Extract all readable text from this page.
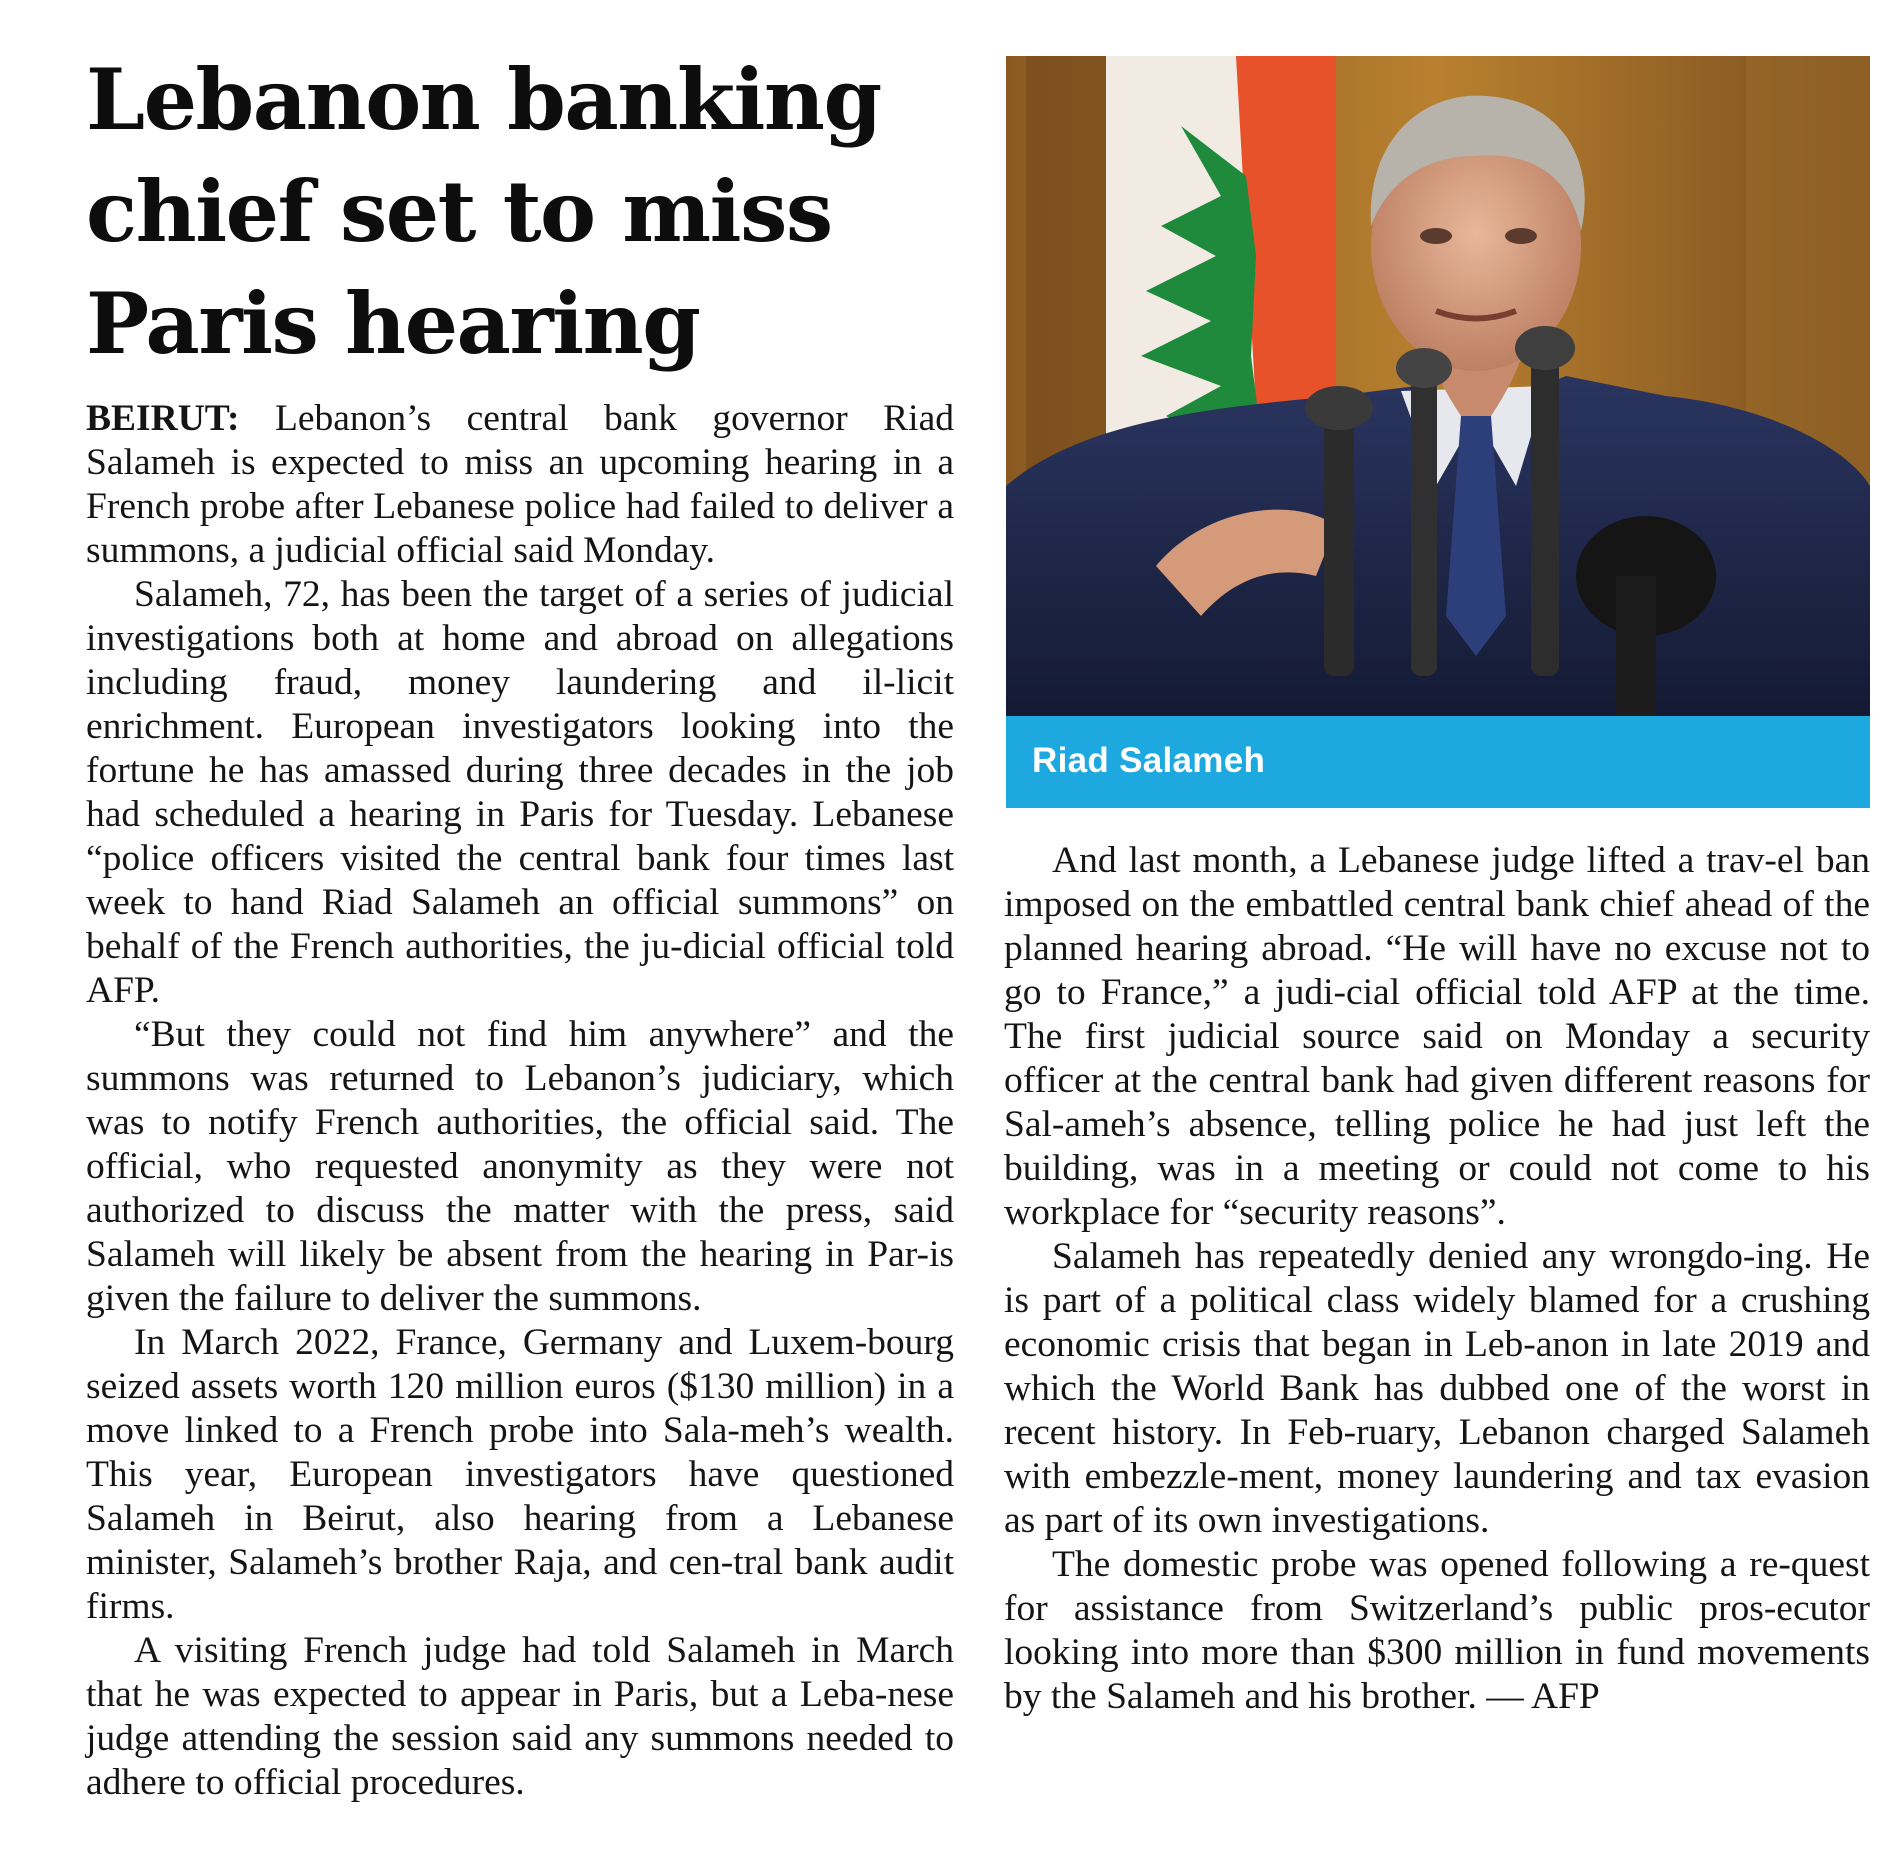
Lebanon banking chief set to miss Paris hearing

BEIRUT: Lebanon’s central bank governor Riad Salameh is expected to miss an upcoming hearing in a French probe after Lebanese police had failed to deliver a summons, a judicial official said Monday.

Salameh, 72, has been the target of a series of judicial investigations both at home and abroad on allegations including fraud, money laundering and il-licit enrichment. European investigators looking into the fortune he has amassed during three decades in the job had scheduled a hearing in Paris for Tuesday. Lebanese “police officers visited the central bank four times last week to hand Riad Salameh an official summons” on behalf of the French authorities, the ju-dicial official told AFP.

“But they could not find him anywhere” and the summons was returned to Lebanon’s judiciary, which was to notify French authorities, the official said. The official, who requested anonymity as they were not authorized to discuss the matter with the press, said Salameh will likely be absent from the hearing in Par-is given the failure to deliver the summons.

In March 2022, France, Germany and Luxem-bourg seized assets worth 120 million euros ($130 million) in a move linked to a French probe into Sala-meh’s wealth. This year, European investigators have questioned Salameh in Beirut, also hearing from a Lebanese minister, Salameh’s brother Raja, and cen-tral bank audit firms.

A visiting French judge had told Salameh in March that he was expected to appear in Paris, but a Leba-nese judge attending the session said any summons needed to adhere to official procedures.

Riad Salameh

And last month, a Lebanese judge lifted a trav-el ban imposed on the embattled central bank chief ahead of the planned hearing abroad. “He will have no excuse not to go to France,” a judi-cial official told AFP at the time. The first judicial source said on Monday a security officer at the central bank had given different reasons for Sal-ameh’s absence, telling police he had just left the building, was in a meeting or could not come to his workplace for “security reasons”.

Salameh has repeatedly denied any wrongdo-ing. He is part of a political class widely blamed for a crushing economic crisis that began in Leb-anon in late 2019 and which the World Bank has dubbed one of the worst in recent history. In Feb-ruary, Lebanon charged Salameh with embezzle-ment, money laundering and tax evasion as part of its own investigations.

The domestic probe was opened following a re-quest for assistance from Switzerland’s public pros-ecutor looking into more than $300 million in fund movements by the Salameh and his brother. — AFP
